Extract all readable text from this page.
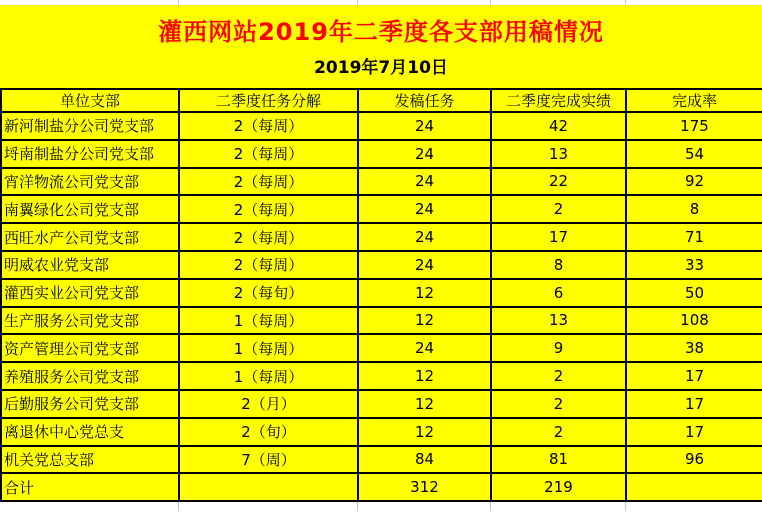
灌西网站2019年二季度各支部用稿情况
2019年7月10日
单位支部	二季度任务分解	发稿任务	二季度完成实绩	完成率
新河制盐分公司党支部	2（每周）	24	42	175
埒南制盐分公司党支部	2（每周）	24	13	54
宵洋物流公司党支部	2（每周）	24	22	92
南翼绿化公司党支部	2（每周）	24	2	8
西旺水产公司党支部	2（每周）	24	17	71
明威农业党支部	2（每周）	24	8	33
灌西实业公司党支部	2（每旬）	12	6	50
生产服务公司党支部	1（每周）	12	13	108
资产管理公司党支部	1（每周）	24	9	38
养殖服务公司党支部	1（每周）	12	2	17
后勤服务公司党支部	2（月）	12	2	17
离退休中心党总支	2（旬）	12	2	17
机关党总支部	7（周）	84	81	96
合计		312	219	
